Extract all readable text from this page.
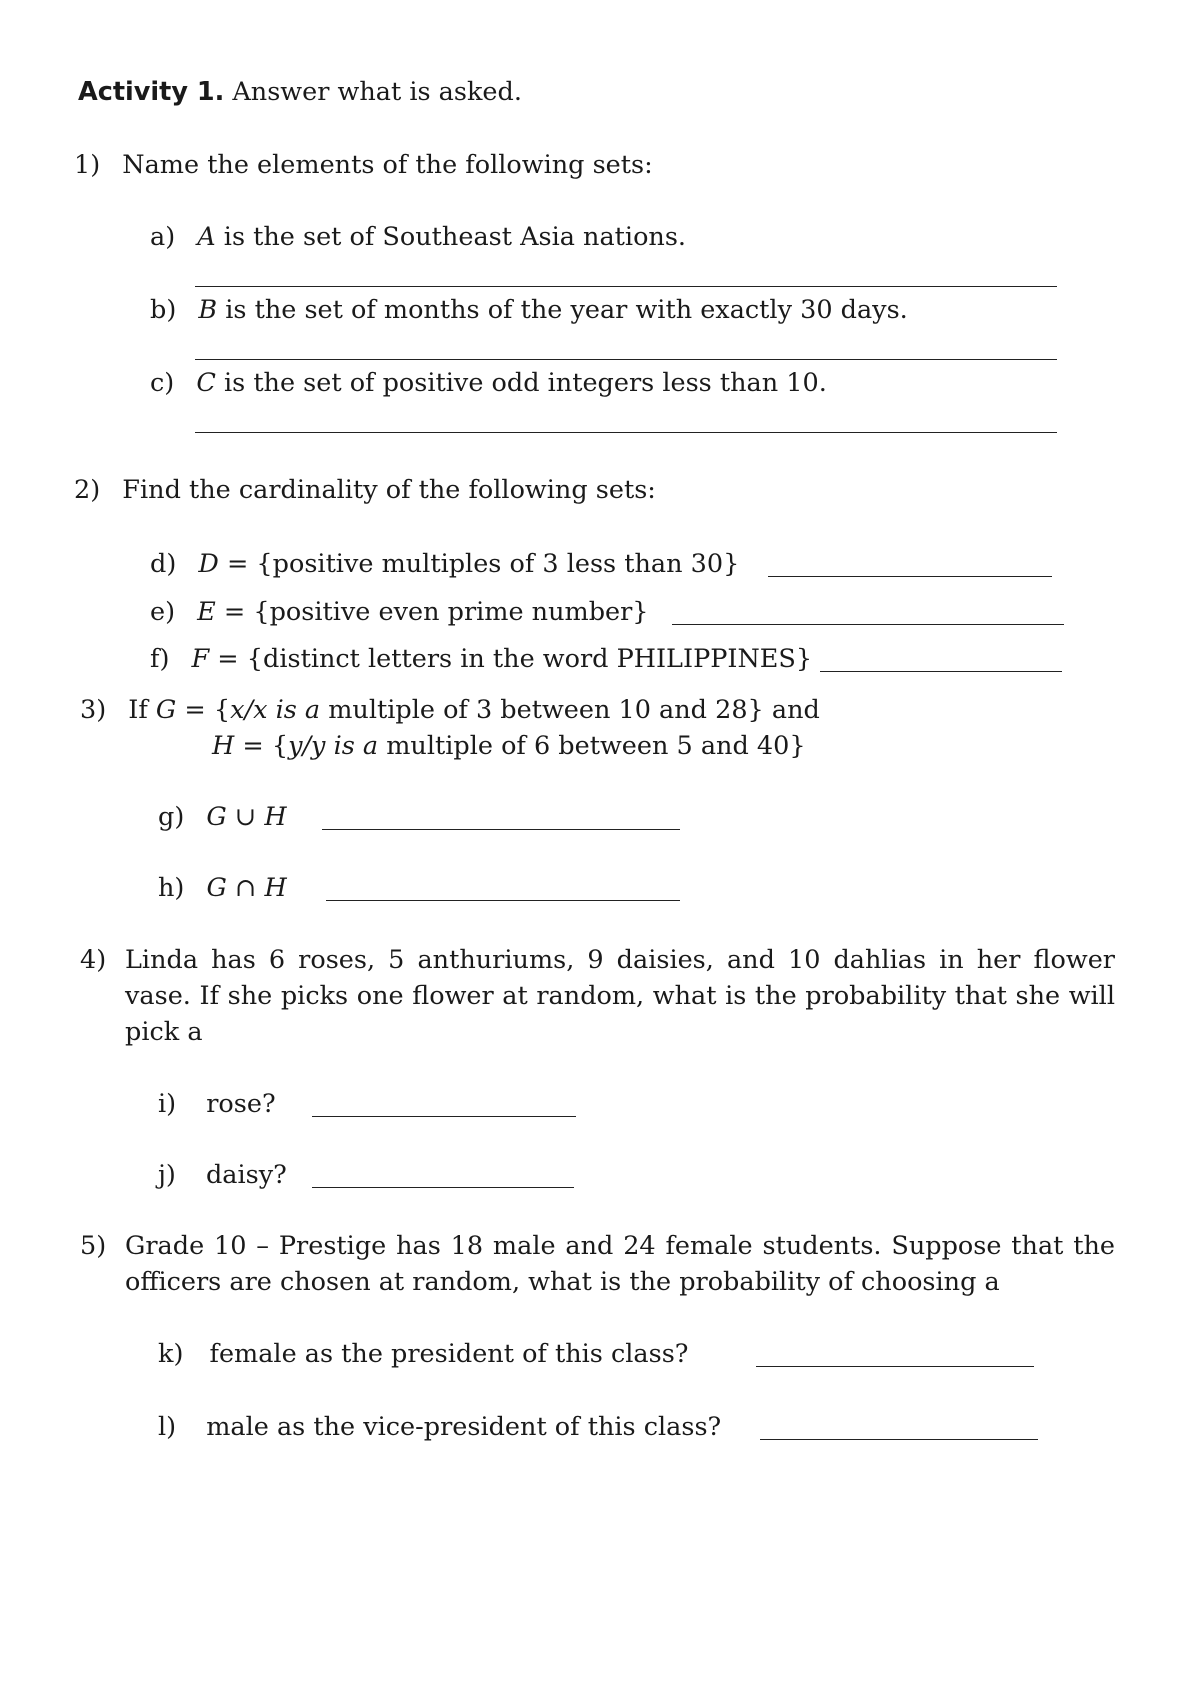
Activity 1. Answer what is asked.
1) Name the elements of the following sets:
a) A is the set of Southeast Asia nations.
b) B is the set of months of the year with exactly 30 days.
c) C is the set of positive odd integers less than 10.
2) Find the cardinality of the following sets:
d) D = {positive multiples of 3 less than 30}
e) E = {positive even prime number}
f) F = {distinct letters in the word PHILIPPINES}
3) If G = {x/x is a multiple of 3 between 10 and 28} and
H = {y/y is a multiple of 6 between 5 and 40}
g) G ∪ H
h) G ∩ H
4) Linda has 6 roses, 5 anthuriums, 9 daisies, and 10 dahlias in her flower
vase. If she picks one flower at random, what is the probability that she will
pick a
i) rose?
j) daisy?
5) Grade 10 – Prestige has 18 male and 24 female students. Suppose that the
officers are chosen at random, what is the probability of choosing a
k) female as the president of this class?
l) male as the vice-president of this class?
